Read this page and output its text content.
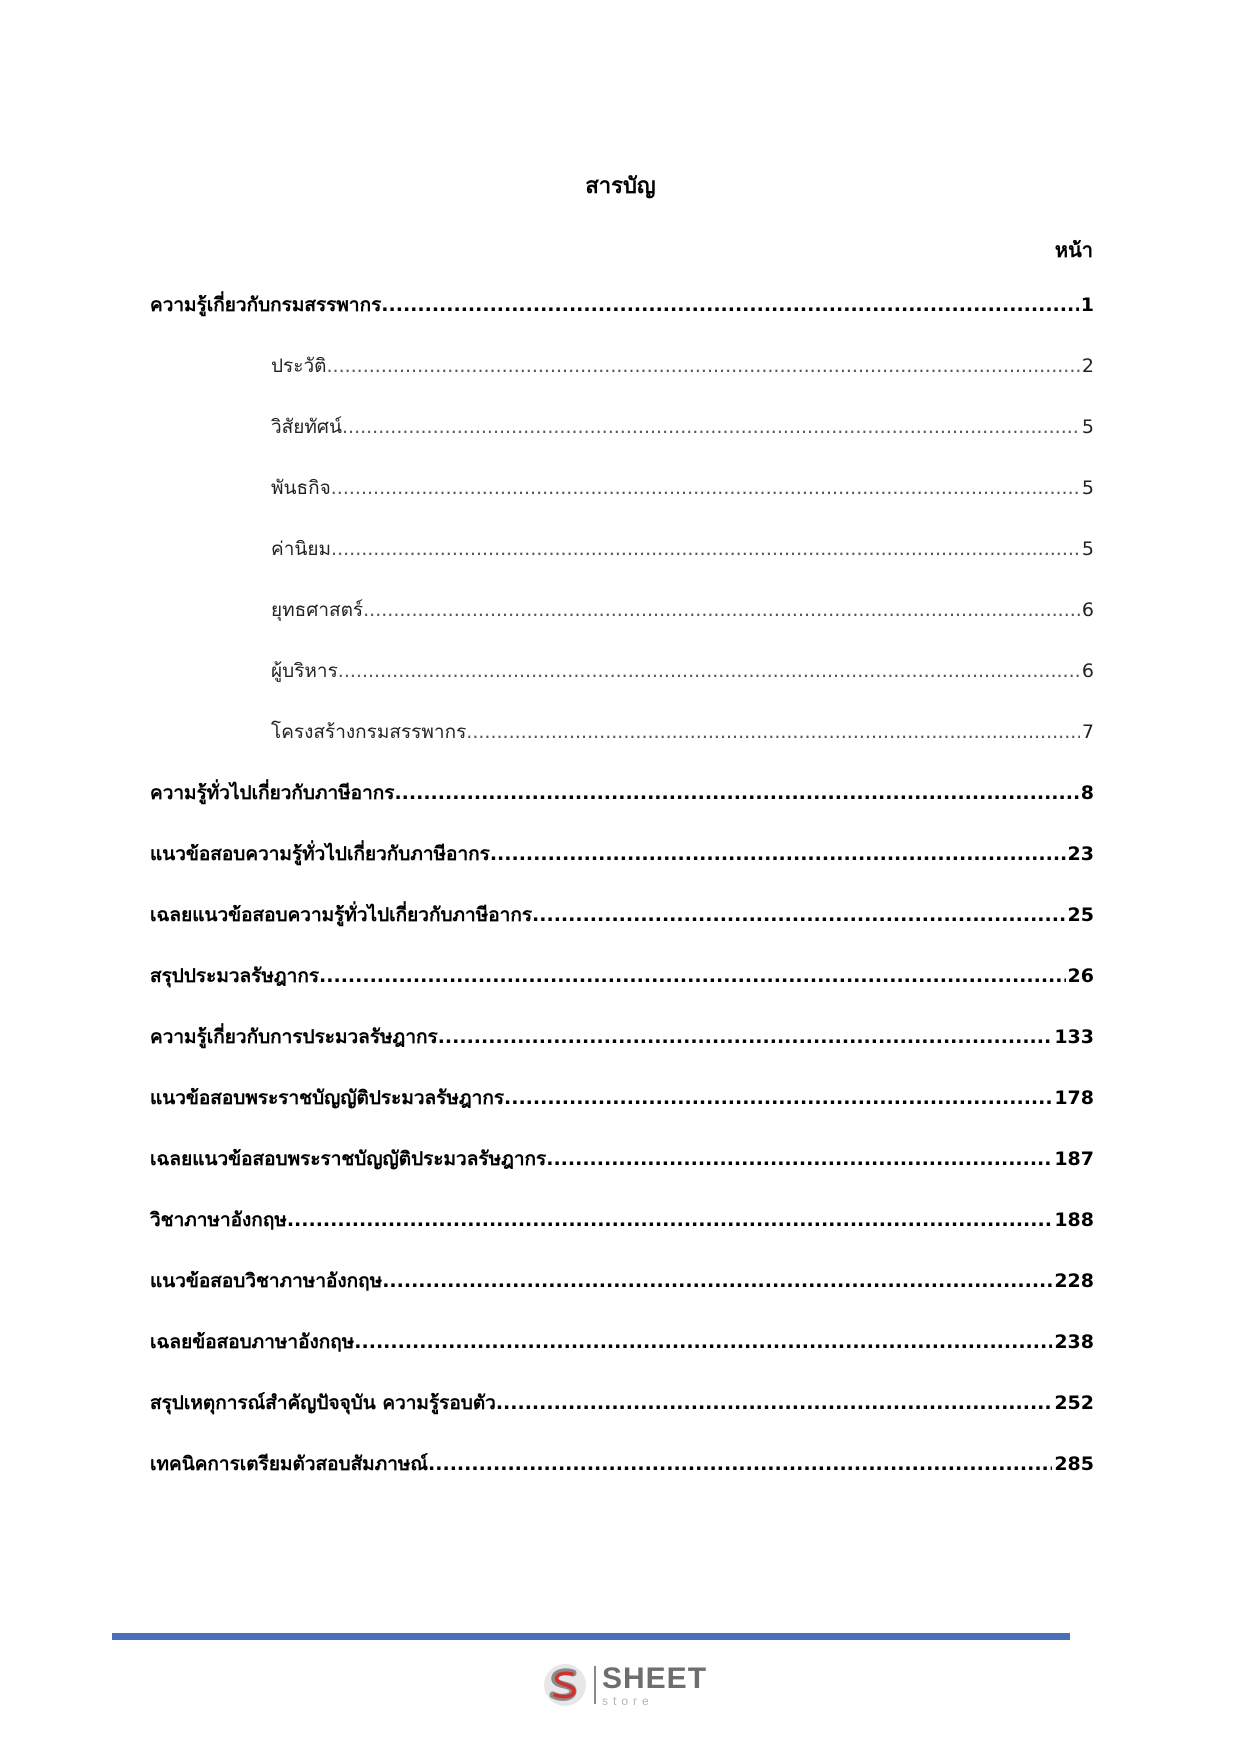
สารบัญ
หน้า
ความรู้เกี่ยวกับกรมสรรพากร .....	1
ประวัติ .....	2
วิสัยทัศน์ .....	5
พันธกิจ .....	5
ค่านิยม .....	5
ยุทธศาสตร์ .....	6
ผู้บริหาร .....	6
โครงสร้างกรมสรรพากร .....	7
ความรู้ทั่วไปเกี่ยวกับภาษีอากร .....	8
แนวข้อสอบความรู้ทั่วไปเกี่ยวกับภาษีอากร .....	23
เฉลยแนวข้อสอบความรู้ทั่วไปเกี่ยวกับภาษีอากร .....	25
สรุปประมวลรัษฎากร .....	26
ความรู้เกี่ยวกับการประมวลรัษฎากร .....	133
แนวข้อสอบพระราชบัญญัติประมวลรัษฎากร .....	178
เฉลยแนวข้อสอบพระราชบัญญัติประมวลรัษฎากร .....	187
วิชาภาษาอังกฤษ .....	188
แนวข้อสอบวิชาภาษาอังกฤษ .....	228
เฉลยข้อสอบภาษาอังกฤษ .....	238
สรุปเหตุการณ์สำคัญปัจจุบัน ความรู้รอบตัว .....	252
เทคนิคการเตรียมตัวสอบสัมภาษณ์ .....	285
SHEET
store
